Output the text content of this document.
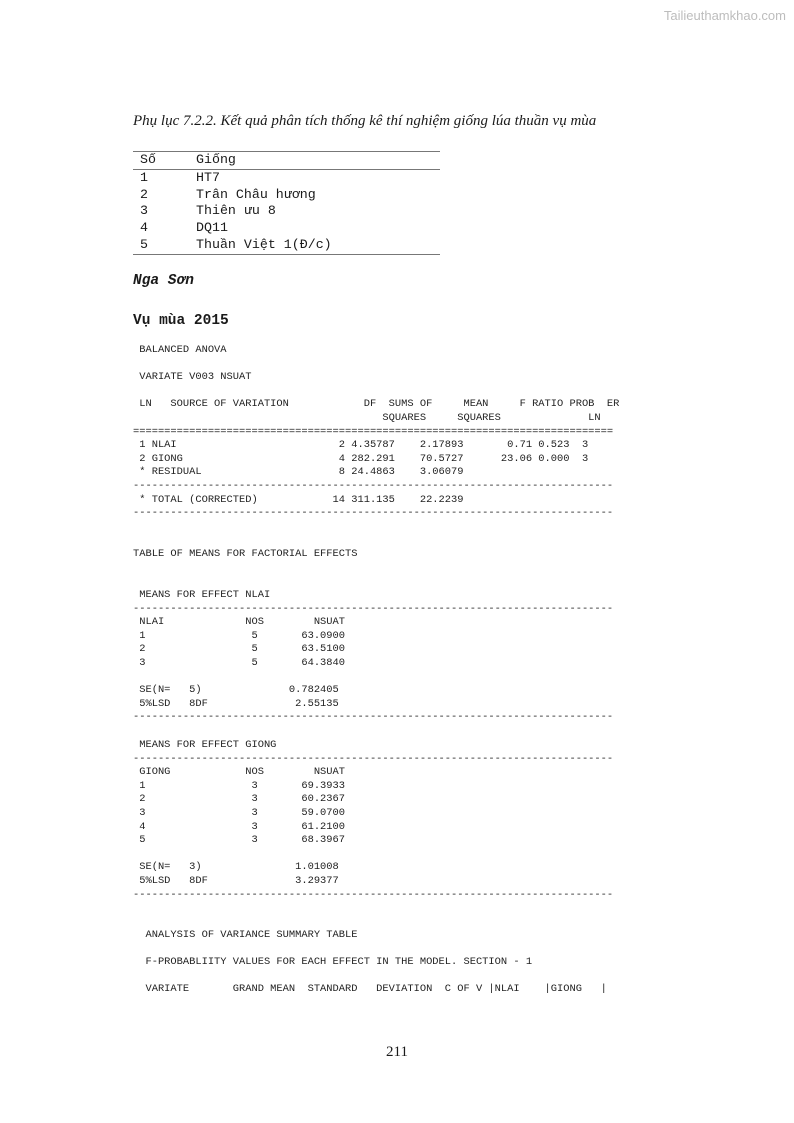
Tailieuthamkhao.com
Phụ lục 7.2.2. Kết quả phân tích thống kê thí nghiệm giống lúa thuần vụ mùa
Số	Giống
1	HT7
2	Trân Châu hương
3	Thiên ưu 8
4	DQ11
5	Thuần Việt 1(Đ/c)
Nga Sơn
Vụ mùa 2015
BALANCED ANOVA

VARIATE V003 NSUAT

LN   SOURCE OF VARIATION            DF  SUMS OF     MEAN     F RATIO PROB  ER
SQUARES     SQUARES              LN
=============================================================================
1 NLAI                          2 4.35787    2.17893       0.71 0.523  3
2 GIONG                         4 282.291    70.5727      23.06 0.000  3
* RESIDUAL                      8 24.4863    3.06079
-----------------------------------------------------------------------------
* TOTAL (CORRECTED)            14 311.135    22.2239
-----------------------------------------------------------------------------
TABLE OF MEANS FOR FACTORIAL EFFECTS
MEANS FOR EFFECT NLAI
-----------------------------------------------------------------------------
NLAI             NOS        NSUAT
1                 5       63.0900
2                 5       63.5100
3                 5       64.3840

SE(N=   5)              0.782405
5%LSD   8DF              2.55135
-----------------------------------------------------------------------------
MEANS FOR EFFECT GIONG
-----------------------------------------------------------------------------
GIONG            NOS        NSUAT
1                 3       69.3933
2                 3       60.2367
3                 3       59.0700
4                 3       61.2100
5                 3       68.3967

SE(N=   3)               1.01008
5%LSD   8DF              3.29377
-----------------------------------------------------------------------------
ANALYSIS OF VARIANCE SUMMARY TABLE

F-PROBABLIITY VALUES FOR EACH EFFECT IN THE MODEL. SECTION - 1

VARIATE       GRAND MEAN  STANDARD   DEVIATION  C OF V |NLAI    |GIONG   |
211
